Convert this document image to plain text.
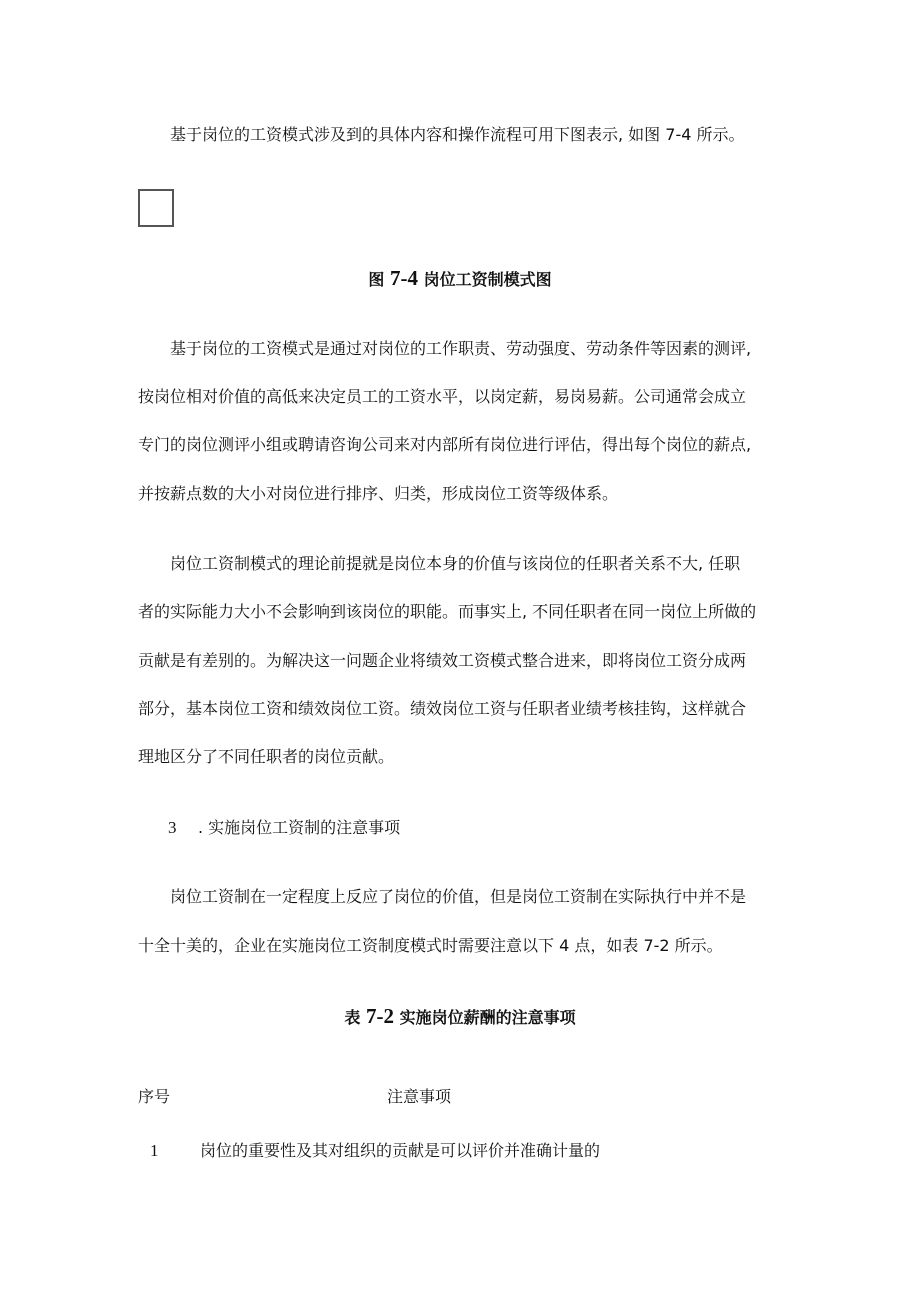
基于岗位的工资模式涉及到的具体内容和操作流程可用下图表示, 如图 7-4 所示。
图 7-4 岗位工资制模式图
基于岗位的工资模式是通过对岗位的工作职责、劳动强度、劳动条件等因素的测评,
按岗位相对价值的高低来决定员工的工资水平，以岗定薪，易岗易薪。公司通常会成立
专门的岗位测评小组或聘请咨询公司来对内部所有岗位进行评估，得出每个岗位的薪点,
并按薪点数的大小对岗位进行排序、归类，形成岗位工资等级体系。
岗位工资制模式的理论前提就是岗位本身的价值与该岗位的任职者关系不大, 任职
者的实际能力大小不会影响到该岗位的职能。而事实上, 不同任职者在同一岗位上所做的
贡献是有差别的。为解决这一问题企业将绩效工资模式整合进来，即将岗位工资分成两
部分，基本岗位工资和绩效岗位工资。绩效岗位工资与任职者业绩考核挂钩，这样就合
理地区分了不同任职者的岗位贡献。
3 . 实施岗位工资制的注意事项
岗位工资制在一定程度上反应了岗位的价值，但是岗位工资制在实际执行中并不是
十全十美的，企业在实施岗位工资制度模式时需要注意以下 4 点，如表 7-2 所示。
表 7-2 实施岗位薪酬的注意事项
序号	注意事项
1	岗位的重要性及其对组织的贡献是可以评价并准确计量的
